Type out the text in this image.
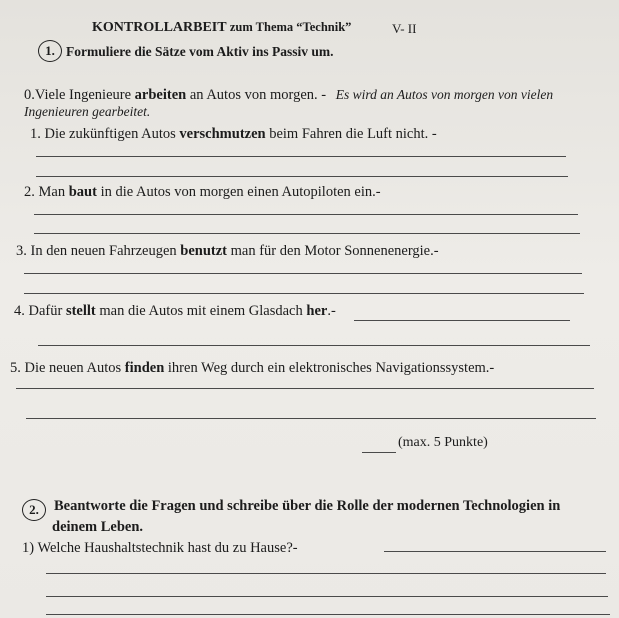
KONTROLLARBEIT zum Thema “Technik”	V- II
1. Formuliere die Sätze vom Aktiv ins Passiv um.
0.Viele Ingenieure arbeiten an Autos von morgen. - Es wird an Autos von morgen von vielen
Ingenieuren gearbeitet.
1. Die zukünftigen Autos verschmutzen beim Fahren die Luft nicht. -
2. Man baut in die Autos von morgen einen Autopiloten ein.-
3. In den neuen Fahrzeugen benutzt man für den Motor Sonnenenergie.-
4. Dafür stellt man die Autos mit einem Glasdach her.-
5. Die neuen Autos finden ihren Weg durch ein elektronisches Navigationssystem.-
(max. 5 Punkte)
2.	Beantworte die Fragen und schreibe über die Rolle der modernen Technologien in
deinem Leben.
1) Welche Haushaltstechnik hast du zu Hause?-
